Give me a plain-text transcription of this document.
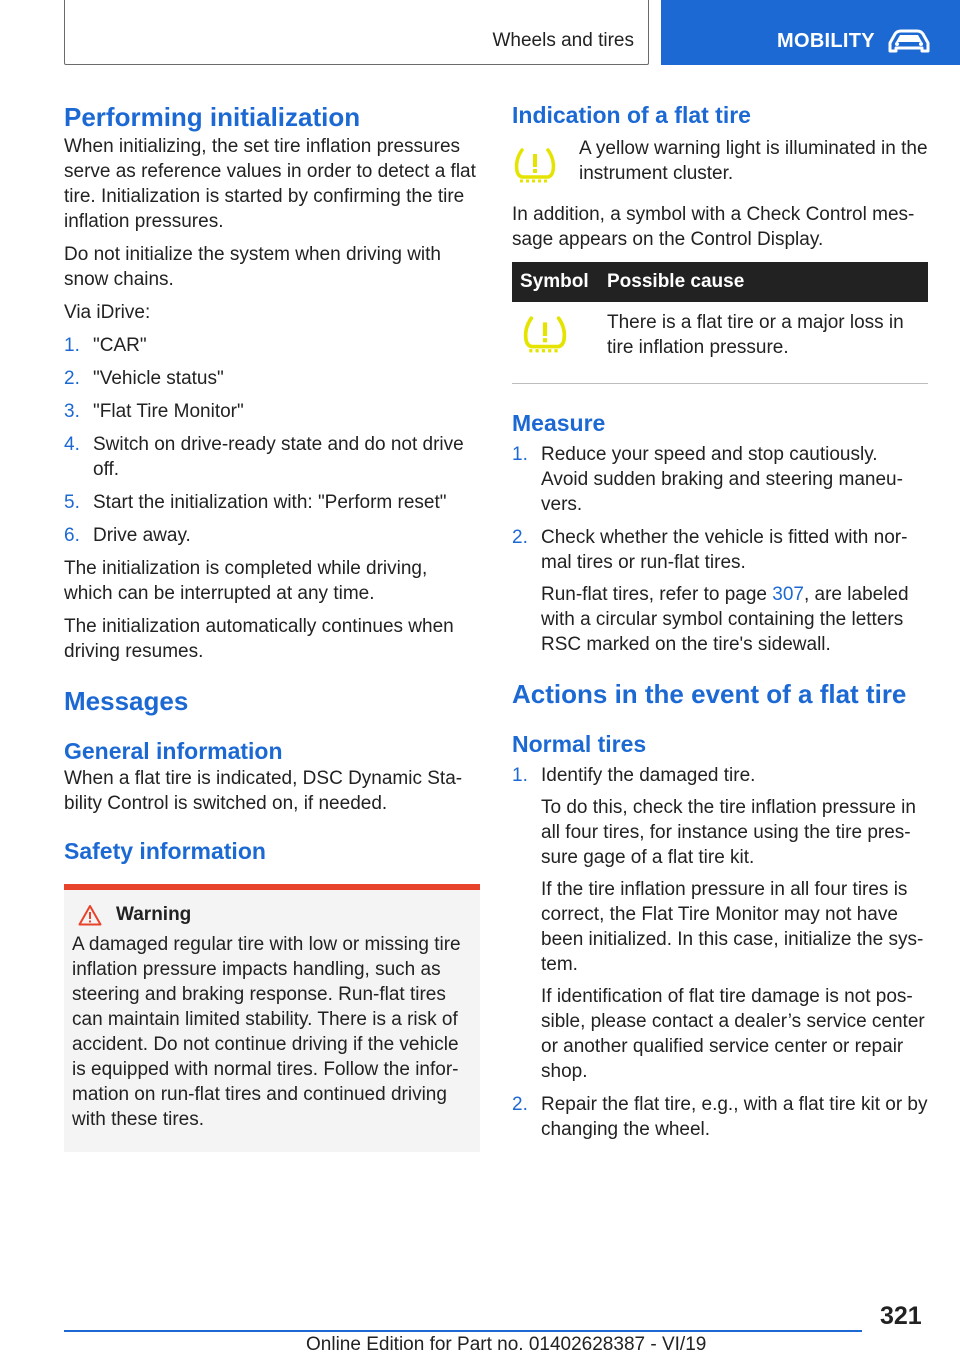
Wheels and tires	MOBILITY
Performing initialization

When initializing, the set tire inflation pressures serve as reference values in order to detect a flat tire. Initialization is started by confirming the tire inflation pressures.

Do not initialize the system when driving with snow chains.

Via iDrive:

1. "CAR"
2. "Vehicle status"
3. "Flat Tire Monitor"
4. Switch on drive-ready state and do not drive off.
5. Start the initialization with: "Perform reset"
6. Drive away.

The initialization is completed while driving, which can be interrupted at any time.

The initialization automatically continues when driving resumes.

Messages
General information

When a flat tire is indicated, DSC Dynamic Sta-bility Control is switched on, if needed.

Safety information
Warning

A damaged regular tire with low or missing tire inflation pressure impacts handling, such as steering and braking response. Run-flat tires can maintain limited stability. There is a risk of accident. Do not continue driving if the vehicle is equipped with normal tires. Follow the infor-mation on run-flat tires and continued driving with these tires.

Indication of a flat tire

A yellow warning light is illuminated in the instrument cluster.

In addition, a symbol with a Check Control mes-sage appears on the Control Display.

Symbol	Possible cause
	There is a flat tire or a major loss in tire inflation pressure.
Measure
1. Reduce your speed and stop cautiously. Avoid sudden braking and steering maneu-vers.
2. Check whether the vehicle is fitted with nor-mal tires or run-flat tires.

Run-flat tires, refer to page 307, are labeled with a circular symbol containing the letters RSC marked on the tire's sidewall.

Actions in the event of a flat tire
Normal tires
1. Identify the damaged tire.

To do this, check the tire inflation pressure in all four tires, for instance using the tire pres-sure gage of a flat tire kit.

If the tire inflation pressure in all four tires is correct, the Flat Tire Monitor may not have been initialized. In this case, initialize the sys-tem.

If identification of flat tire damage is not pos-sible, please contact a dealer’s service center or another qualified service center or repair shop.

2. Repair the flat tire, e.g., with a flat tire kit or by changing the wheel.
321
Online Edition for Part no. 01402628387 - VI/19
